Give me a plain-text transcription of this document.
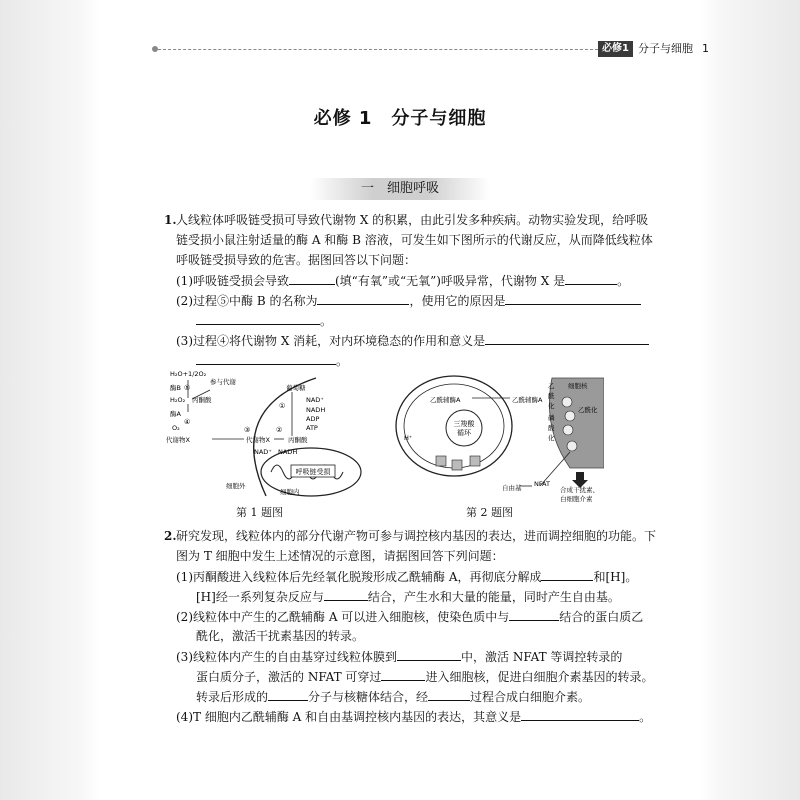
必修1 分子与细胞 1
必修 1　分子与细胞
一　细胞呼吸
1. 人线粒体呼吸链受损可导致代谢物 X 的积累，由此引发多种疾病。动物实验发现，给呼吸
链受损小鼠注射适量的酶 A 和酶 B 溶液，可发生如下图所示的代谢反应，从而降低线粒体
呼吸链受损导致的危害。据图回答以下问题：
(1)呼吸链受损会导致	(填“有氧”或“无氧”)呼吸异常，代谢物 X 是	。
(2)过程⑤中酶 B 的名称为	，使用它的原因是
。
(3)过程④将代谢物 X 消耗，对内环境稳态的作用和意义是
。
呼吸链受损
H₂O+1/2O₂
酶B ⑤
H₂O₂ 丙酮酸
酶A
④
O₂
代谢物X
参与代谢
葡萄糖
①
NAD⁺
NADH
ADP
ATP
③	②
代谢物X	丙酮酸
NAD⁺ NADH
细胞外
细胞内
第 1 题图
三羧酸
循环
乙酰辅酶A	乙酰辅酶A
H⁺
自由基 NFAT
细胞核
乙
酰
化	乙酰化
磷
酸
化
合成干扰素、
白细胞介素
第 2 题图
2. 研究发现，线粒体内的部分代谢产物可参与调控核内基因的表达，进而调控细胞的功能。下
图为 T 细胞中发生上述情况的示意图，请据图回答下列问题：
(1)丙酮酸进入线粒体后先经氧化脱羧形成乙酰辅酶 A，再彻底分解成	和[H]。
[H]经一系列复杂反应与	结合，产生水和大量的能量，同时产生自由基。
(2)线粒体中产生的乙酰辅酶 A 可以进入细胞核，使染色质中与	结合的蛋白质乙
酰化，激活干扰素基因的转录。
(3)线粒体内产生的自由基穿过线粒体膜到	中，激活 NFAT 等调控转录的
蛋白质分子，激活的 NFAT 可穿过	进入细胞核，促进白细胞介素基因的转录。
转录后形成的	分子与核糖体结合，经	过程合成白细胞介素。
(4)T 细胞内乙酰辅酶 A 和自由基调控核内基因的表达，其意义是	。
